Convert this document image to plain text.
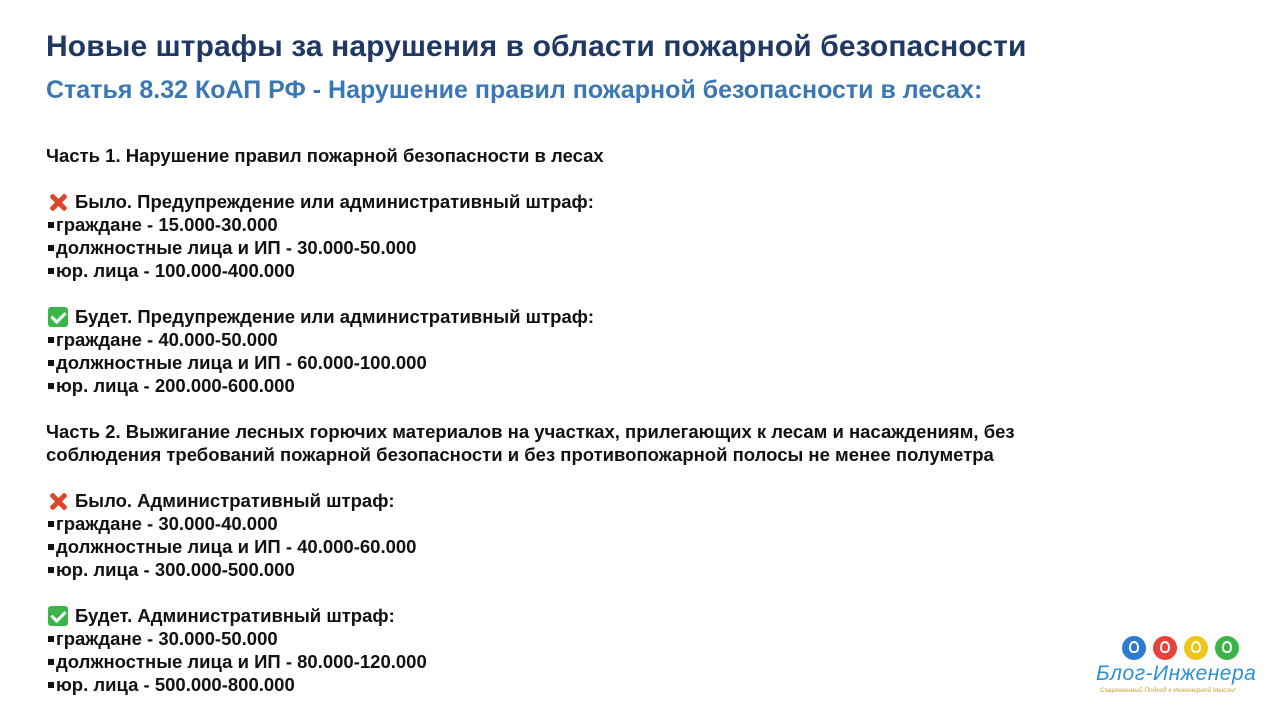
Новые штрафы за нарушения в области пожарной безопасности
Статья 8.32 КоАП РФ - Нарушение правил пожарной безопасности в лесах:
Часть 1. Нарушение правил пожарной безопасности в лесах
Было. Предупреждение или административный штраф:
граждане - 15.000-30.000
должностные лица и ИП - 30.000-50.000
юр. лица - 100.000-400.000
Будет. Предупреждение или административный штраф:
граждане - 40.000-50.000
должностные лица и ИП - 60.000-100.000
юр. лица - 200.000-600.000
Часть 2. Выжигание лесных горючих материалов на участках, прилегающих к лесам и насаждениям, без
соблюдения требований пожарной безопасности и без противопожарной полосы не менее полуметра
Было. Административный штраф:
граждане - 30.000-40.000
должностные лица и ИП - 40.000-60.000
юр. лица - 300.000-500.000
Будет. Административный штраф:
граждане - 30.000-50.000
должностные лица и ИП - 80.000-120.000
юр. лица - 500.000-800.000	Блог-Инженера
Современный Подход к Инженерной Мысли!
